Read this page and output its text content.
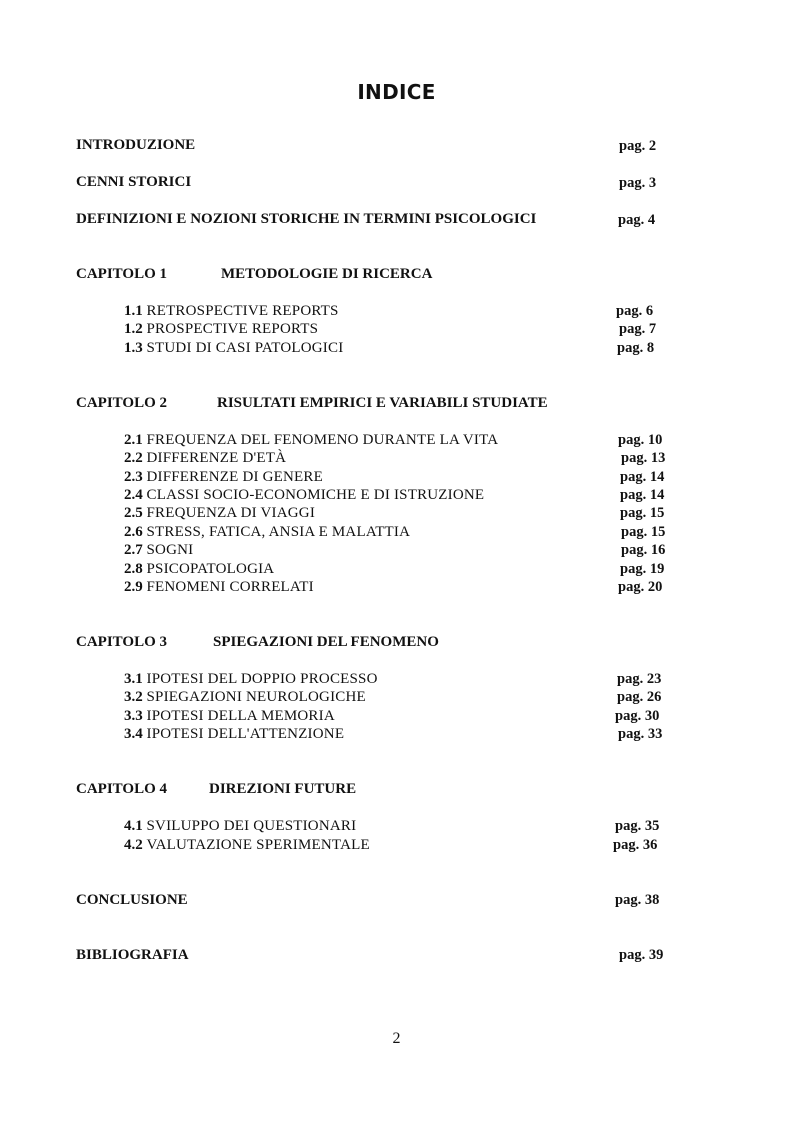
INDICE
INTRODUZIONE	pag. 2
CENNI STORICI	pag. 3
DEFINIZIONI E NOZIONI STORICHE IN TERMINI PSICOLOGICI	pag. 4
CAPITOLO 1	METODOLOGIE DI RICERCA
1.1 RETROSPECTIVE REPORTS	pag. 6
1.2 PROSPECTIVE REPORTS	pag. 7
1.3 STUDI DI CASI PATOLOGICI	pag. 8
CAPITOLO 2	RISULTATI EMPIRICI E VARIABILI STUDIATE
2.1 FREQUENZA DEL FENOMENO DURANTE LA VITA	pag. 10
2.2 DIFFERENZE D'ETÀ	pag. 13
2.3 DIFFERENZE DI GENERE	pag. 14
2.4 CLASSI SOCIO-ECONOMICHE E DI ISTRUZIONE	pag. 14
2.5 FREQUENZA DI VIAGGI	pag. 15
2.6 STRESS, FATICA, ANSIA E MALATTIA	pag. 15
2.7 SOGNI	pag. 16
2.8 PSICOPATOLOGIA	pag. 19
2.9 FENOMENI CORRELATI	pag. 20
CAPITOLO 3	SPIEGAZIONI DEL FENOMENO
3.1 IPOTESI DEL DOPPIO PROCESSO	pag. 23
3.2 SPIEGAZIONI NEUROLOGICHE	pag. 26
3.3 IPOTESI DELLA MEMORIA	pag. 30
3.4 IPOTESI DELL'ATTENZIONE	pag. 33
CAPITOLO 4	DIREZIONI FUTURE
4.1 SVILUPPO DEI QUESTIONARI	pag. 35
4.2 VALUTAZIONE SPERIMENTALE	pag. 36
CONCLUSIONE	pag. 38
BIBLIOGRAFIA	pag. 39
2
